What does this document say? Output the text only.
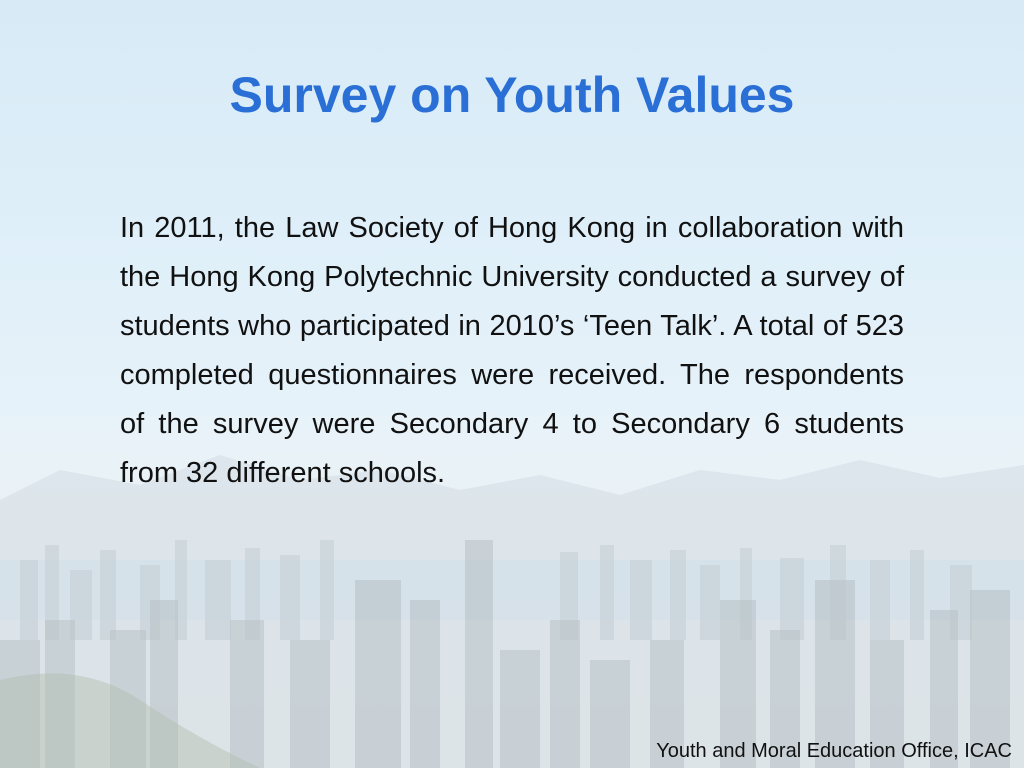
Survey on Youth Values

In 2011, the Law Society of Hong Kong in collaboration with the Hong Kong Polytechnic University conducted a survey of students who participated in 2010’s ‘Teen Talk’. A total of 523 completed questionnaires were received. The respondents of the survey were Secondary 4 to Secondary 6 students from 32 different schools.

Youth and Moral Education Office, ICAC
